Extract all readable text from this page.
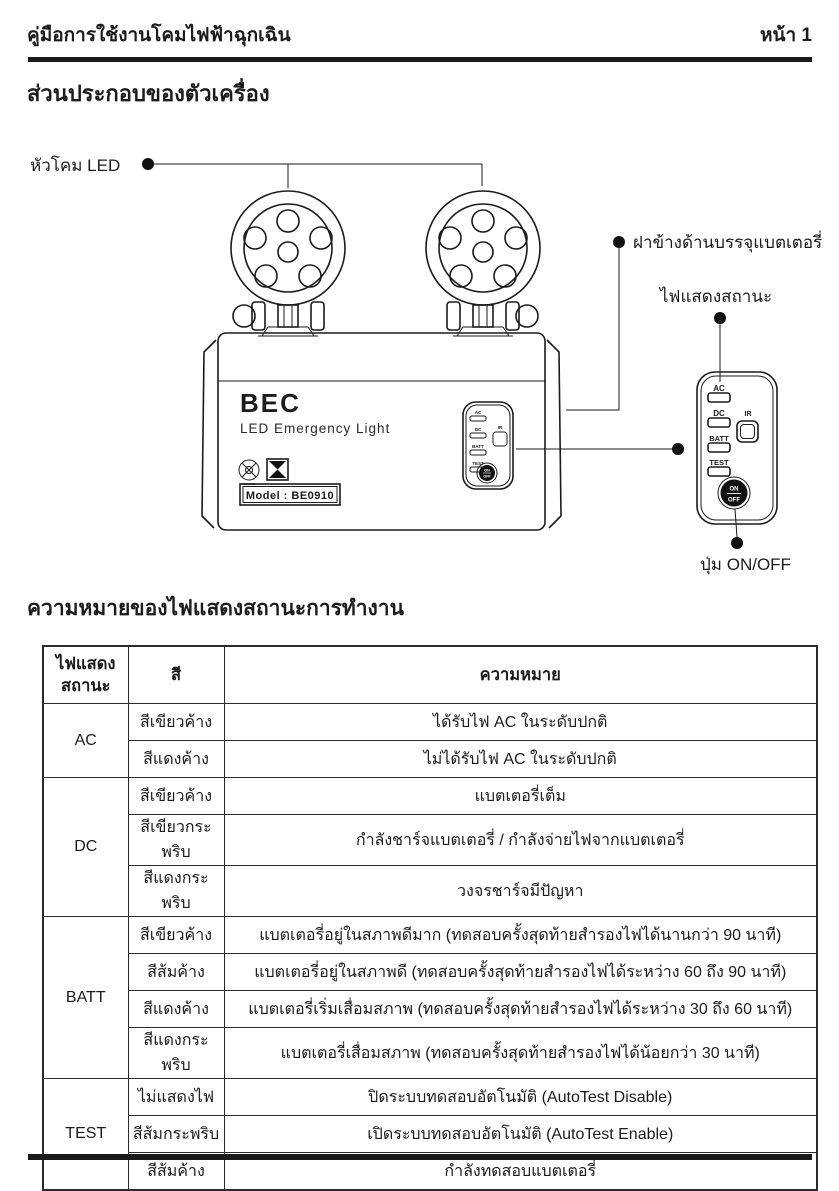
คู่มือการใช้งานโคมไฟฟ้าฉุกเฉิน	หน้า 1
ส่วนประกอบของตัวเครื่อง
หัวโคม LED
BEC
LED Emergency Light
Model : BE0910
AC
DC
BATT
TEST
IR
ON
OFF
ฝาข้างด้านบรรจุแบตเตอรี่
ไฟแสดงสถานะ
AC
DC	IR
BATT
TEST
ON
OFF
ปุ่ม ON/OFF
ความหมายของไฟแสดงสถานะการทำงาน
ไฟแสดง
สถานะ	สี	ความหมาย
AC	สีเขียวค้าง	ได้รับไฟ AC ในระดับปกติ
	สีแดงค้าง	ไม่ได้รับไฟ AC ในระดับปกติ
DC	สีเขียวค้าง	แบตเตอรี่เต็ม
	สีเขียวกระพริบ	กำลังชาร์จแบตเตอรี่ / กำลังจ่ายไฟจากแบตเตอรี่
	สีแดงกระพริบ	วงจรชาร์จมีปัญหา
BATT	สีเขียวค้าง	แบตเตอรี่อยู่ในสภาพดีมาก (ทดสอบครั้งสุดท้ายสำรองไฟได้นานกว่า 90 นาที)
	สีส้มค้าง	แบตเตอรี่อยู่ในสภาพดี (ทดสอบครั้งสุดท้ายสำรองไฟได้ระหว่าง 60 ถึง 90 นาที)
	สีแดงค้าง	แบตเตอรี่เริ่มเสื่อมสภาพ (ทดสอบครั้งสุดท้ายสำรองไฟได้ระหว่าง 30 ถึง 60 นาที)
	สีแดงกระพริบ	แบตเตอรี่เสื่อมสภาพ (ทดสอบครั้งสุดท้ายสำรองไฟได้น้อยกว่า 30 นาที)
TEST	ไม่แสดงไฟ	ปิดระบบทดสอบอัตโนมัติ (AutoTest Disable)
	สีส้มกระพริบ	เปิดระบบทดสอบอัตโนมัติ (AutoTest Enable)
	สีส้มค้าง	กำลังทดสอบแบตเตอรี่
